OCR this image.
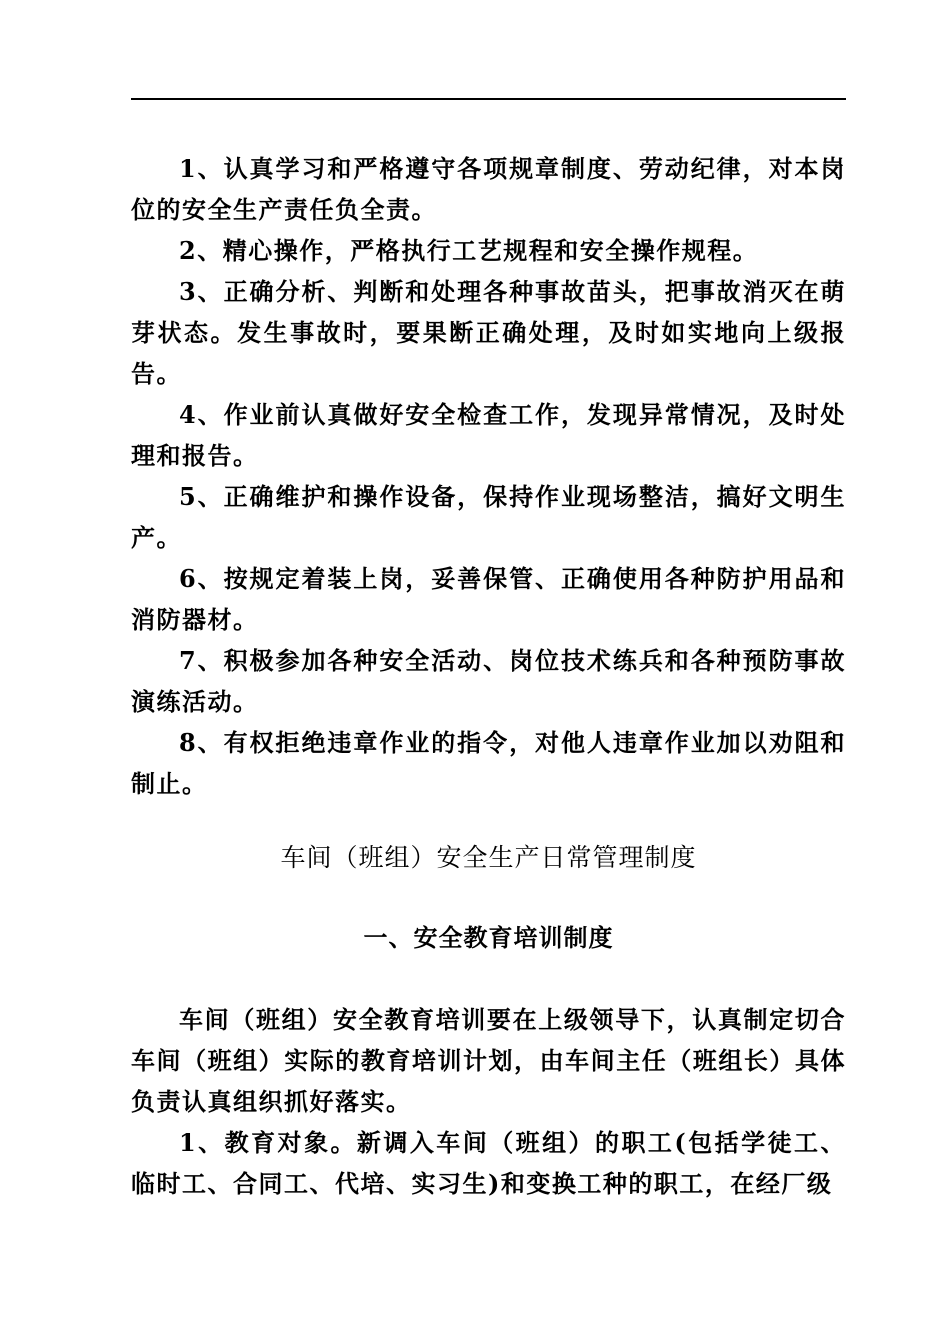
1、认真学习和严格遵守各项规章制度、劳动纪律，对本岗位的安全生产责任负全责。

2、精心操作，严格执行工艺规程和安全操作规程。

3、正确分析、判断和处理各种事故苗头，把事故消灭在萌芽状态。发生事故时，要果断正确处理，及时如实地向上级报告。

4、作业前认真做好安全检查工作，发现异常情况，及时处理和报告。

5、正确维护和操作设备，保持作业现场整洁，搞好文明生产。

6、按规定着装上岗，妥善保管、正确使用各种防护用品和消防器材。

7、积极参加各种安全活动、岗位技术练兵和各种预防事故演练活动。

8、有权拒绝违章作业的指令，对他人违章作业加以劝阻和制止。

车间（班组）安全生产日常管理制度
一、安全教育培训制度

车间（班组）安全教育培训要在上级领导下，认真制定切合车间（班组）实际的教育培训计划，由车间主任（班组长）具体负责认真组织抓好落实。

1、教育对象。新调入车间（班组）的职工(包括学徒工、临时工、合同工、代培、实习生)和变换工种的职工，在经厂级
